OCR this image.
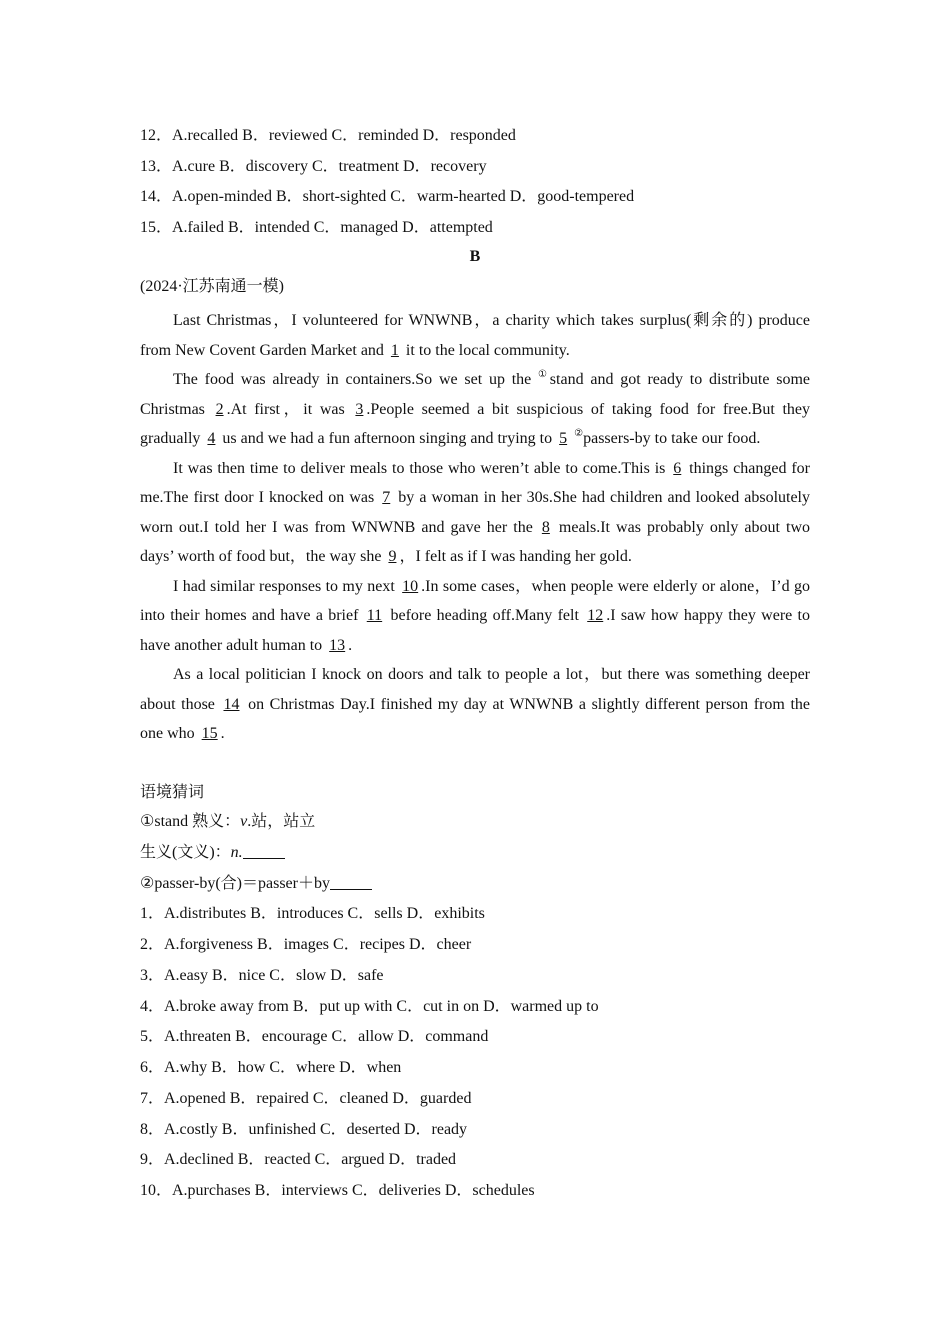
12．A.recalled B．reviewed C．reminded D．responded
13．A.cure B．discovery C．treatment D．recovery
14．A.open-minded B．short-sighted C．warm-hearted D．good-tempered
15．A.failed B．intended C．managed D．attempted
B
(2024·江苏南通一模)

Last Christmas，I volunteered for WNWNB，a charity which takes surplus(剩余的) produce from New Covent Garden Market and 1 it to the local community.

The food was already in containers.So we set up the ①stand and got ready to distribute some Christmas 2 .At first，it was 3 .People seemed a bit suspicious of taking food for free.But they gradually 4 us and we had a fun afternoon singing and trying to 5 ②passers-by to take our food.

It was then time to deliver meals to those who weren’t able to come.This is 6 things changed for me.The first door I knocked on was 7 by a woman in her 30s.She had children and looked absolutely worn out.I told her I was from WNWNB and gave her the 8 meals.It was probably only about two days’ worth of food but，the way she 9 ，I felt as if I was handing her gold.

I had similar responses to my next 10 .In some cases，when people were elderly or alone，I’d go into their homes and have a brief 11 before heading off.Many felt 12 .I saw how happy they were to have another adult human to 13 .

As a local politician I knock on doors and talk to people a lot，but there was something deeper about those 14 on Christmas Day.I finished my day at WNWNB a slightly different person from the one who 15 .

语境猜词
①stand 熟义：v.站，站立
生义(文义)：n.
②passer-by(合)＝passer＋by
1．A.distributes B．introduces C．sells D．exhibits
2．A.forgiveness B．images C．recipes D．cheer
3．A.easy B．nice C．slow D．safe
4．A.broke away from B．put up with C．cut in on D．warmed up to
5．A.threaten B．encourage C．allow D．command
6．A.why B．how C．where D．when
7．A.opened B．repaired C．cleaned D．guarded
8．A.costly B．unfinished C．deserted D．ready
9．A.declined B．reacted C．argued D．traded
10．A.purchases B．interviews C．deliveries D．schedules
